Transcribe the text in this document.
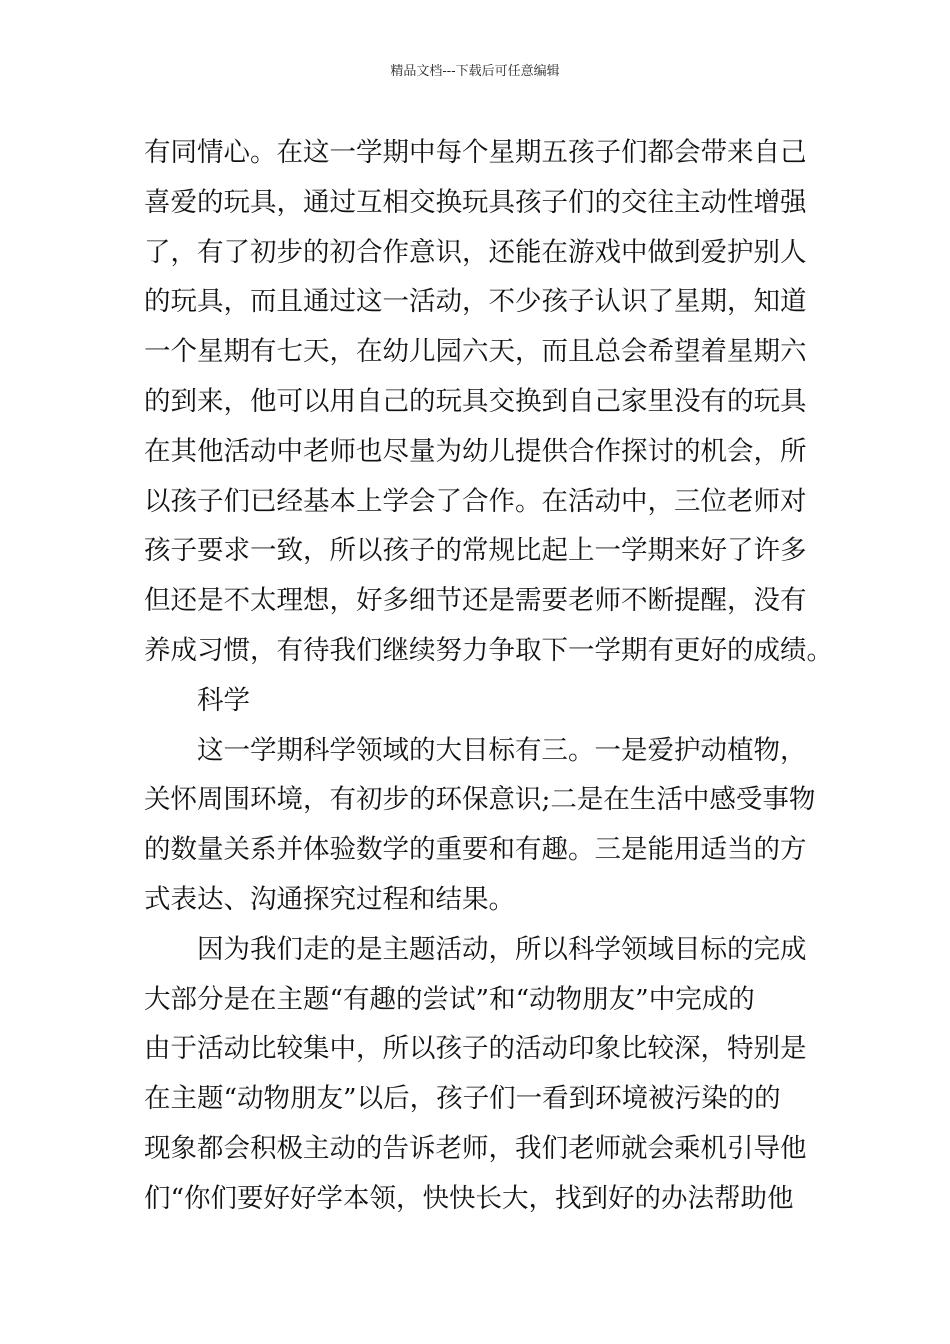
精品文档---下载后可任意编辑
有同情心。在这一学期中每个星期五孩子们都会带来自己
喜爱的玩具，通过互相交换玩具孩子们的交往主动性增强
了，有了初步的初合作意识，还能在游戏中做到爱护别人
的玩具，而且通过这一活动，不少孩子认识了星期，知道
一个星期有七天，在幼儿园六天，而且总会希望着星期六
的到来，他可以用自己的玩具交换到自己家里没有的玩具
在其他活动中老师也尽量为幼儿提供合作探讨的机会，所
以孩子们已经基本上学会了合作。在活动中，三位老师对
孩子要求一致，所以孩子的常规比起上一学期来好了许多
但还是不太理想，好多细节还是需要老师不断提醒，没有
养成习惯，有待我们继续努力争取下一学期有更好的成绩。
科学
这一学期科学领域的大目标有三。一是爱护动植物，
关怀周围环境，有初步的环保意识;二是在生活中感受事物
的数量关系并体验数学的重要和有趣。三是能用适当的方
式表达、沟通探究过程和结果。
因为我们走的是主题活动，所以科学领域目标的完成
大部分是在主题“有趣的尝试”和“动物朋友”中完成的
由于活动比较集中，所以孩子的活动印象比较深，特别是
在主题“动物朋友”以后，孩子们一看到环境被污染的的
现象都会积极主动的告诉老师，我们老师就会乘机引导他
们“你们要好好学本领，快快长大，找到好的办法帮助他
